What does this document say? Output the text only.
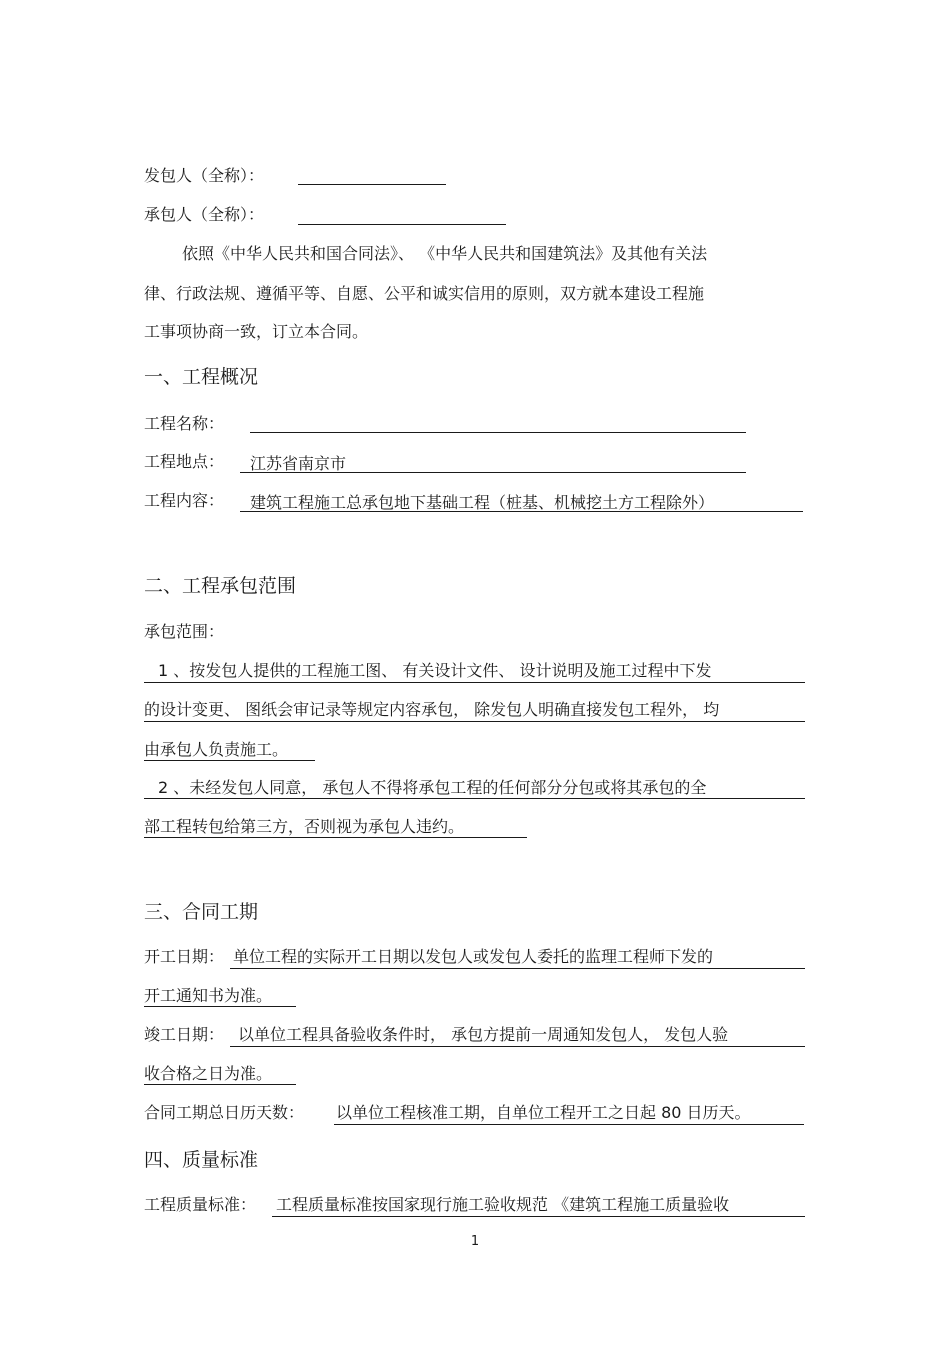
发包人（全称）：
承包人（全称）：
依照《中华人民共和国合同法》、 《中华人民共和国建筑法》及其他有关法
律、行政法规、遵循平等、自愿、公平和诚实信用的原则，双方就本建设工程施
工事项协商一致，订立本合同。
一、工程概况
工程名称：
工程地点： 江苏省南京市
工程内容： 建筑工程施工总承包地下基础工程（桩基、机械挖土方工程除外）
二、工程承包范围
承包范围：
1 、按发包人提供的工程施工图、 有关设计文件、 设计说明及施工过程中下发
的设计变更、 图纸会审记录等规定内容承包， 除发包人明确直接发包工程外， 均
由承包人负责施工。
2 、未经发包人同意， 承包人不得将承包工程的任何部分分包或将其承包的全
部工程转包给第三方，否则视为承包人违约。
三、合同工期
开工日期： 单位工程的实际开工日期以发包人或发包人委托的监理工程师下发的
开工通知书为准。
竣工日期： 以单位工程具备验收条件时， 承包方提前一周通知发包人， 发包人验
收合格之日为准。
合同工期总日历天数： 以单位工程核准工期，自单位工程开工之日起 80 日历天。
四、质量标准
工程质量标准： 工程质量标准按国家现行施工验收规范 《建筑工程施工质量验收
1
